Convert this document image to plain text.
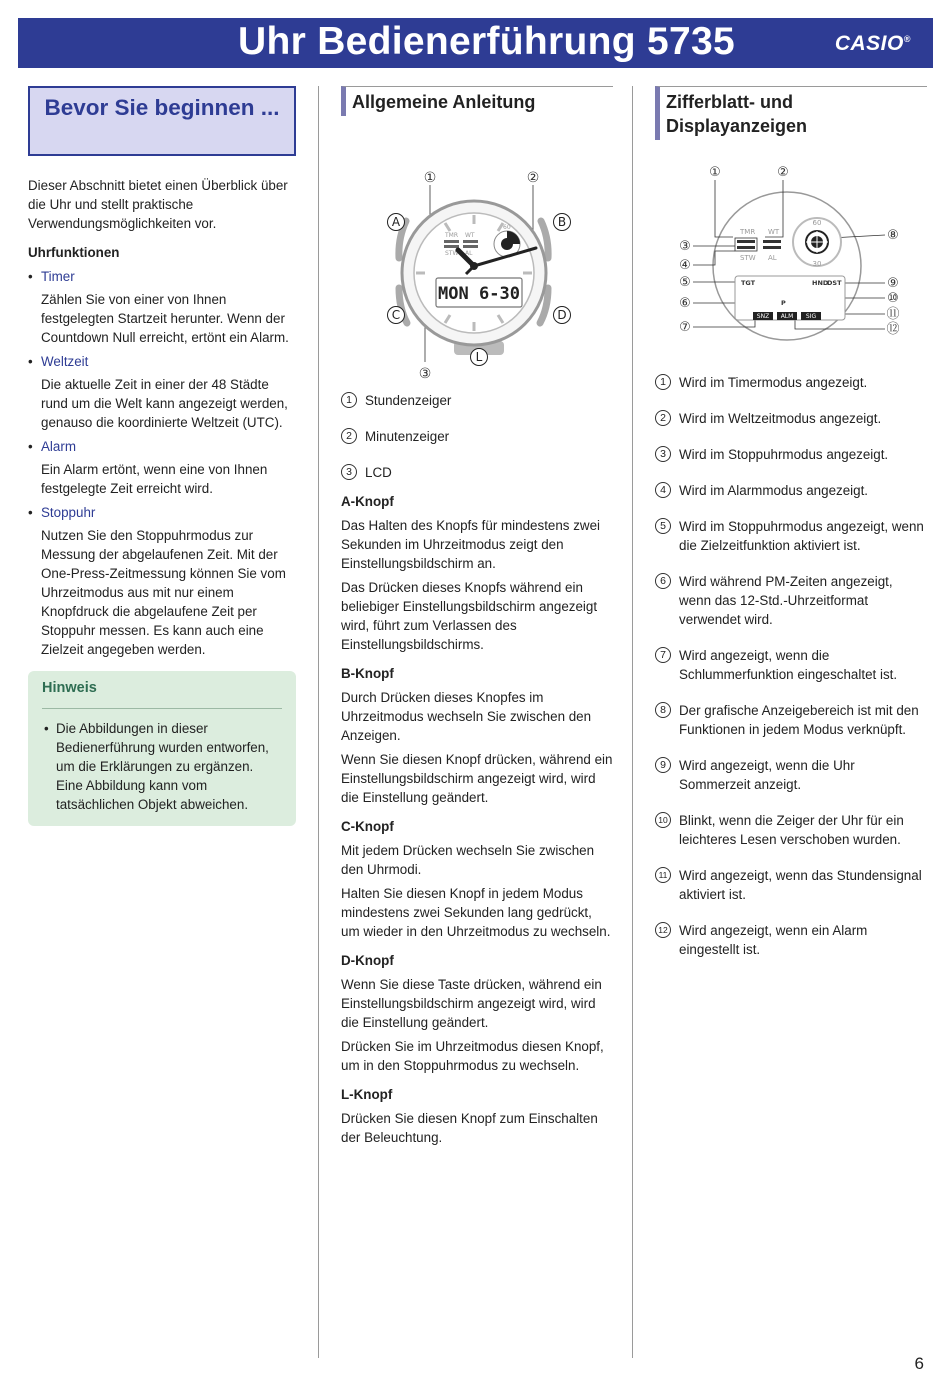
Uhr Bedienerführung 5735	CASIO®
Bevor Sie beginnen ...
Dieser Abschnitt bietet einen Überblick über die Uhr und stellt praktische Verwendungsmöglichkeiten vor.
Uhrfunktionen
• Timer
Zählen Sie von einer von Ihnen festgelegten Startzeit herunter. Wenn der Countdown Null erreicht, ertönt ein Alarm.
• Weltzeit
Die aktuelle Zeit in einer der 48 Städte rund um die Welt kann angezeigt werden, genauso die koordinierte Weltzeit (UTC).
• Alarm
Ein Alarm ertönt, wenn eine von Ihnen festgelegte Zeit erreicht wird.
• Stoppuhr
Nutzen Sie den Stoppuhrmodus zur Messung der abgelaufenen Zeit. Mit der One-Press-Zeitmessung können Sie vom Uhrzeitmodus aus mit nur einem Knopfdruck die abgelaufene Zeit per Stoppuhr messen. Es kann auch eine Zielzeit angegeben werden.
Hinweis
• Die Abbildungen in dieser Bedienerführung wurden entworfen, um die Erklärungen zu ergänzen. Eine Abbildung kann vom tatsächlichen Objekt abweichen.
Allgemeine Anleitung
①	②
③
TMR WT
STW AL
60
MON 6-30
A	B
C	D
L
1 Stundenzeiger
2 Minutenzeiger
3 LCD
A-Knopf
Das Halten des Knopfs für mindestens zwei Sekunden im Uhrzeitmodus zeigt den Einstellungsbildschirm an.
Das Drücken dieses Knopfs während ein beliebiger Einstellungsbildschirm angezeigt wird, führt zum Verlassen des Einstellungsbildschirms.
B-Knopf
Durch Drücken dieses Knopfes im Uhrzeitmodus wechseln Sie zwischen den Anzeigen.
Wenn Sie diesen Knopf drücken, während ein Einstellungsbildschirm angezeigt wird, wird die Einstellung geändert.
C-Knopf
Mit jedem Drücken wechseln Sie zwischen den Uhrmodi.
Halten Sie diesen Knopf in jedem Modus mindestens zwei Sekunden lang gedrückt, um wieder in den Uhrzeitmodus zu wechseln.
D-Knopf
Wenn Sie diese Taste drücken, während ein Einstellungsbildschirm angezeigt wird, wird die Einstellung geändert.
Drücken Sie im Uhrzeitmodus diesen Knopf, um in den Stoppuhrmodus zu wechseln.
L-Knopf
Drücken Sie diesen Knopf zum Einschalten der Beleuchtung.
Zifferblatt- und Displayanzeigen
①	②
③
④
⑤
⑥
⑦
⑧
⑨
⑩
⑪
⑫
TMR WT
STW AL
60
30
TGT	HND
DST
P
SNZ ALM SIG
1 Wird im Timermodus angezeigt.
2 Wird im Weltzeitmodus angezeigt.
3 Wird im Stoppuhrmodus angezeigt.
4 Wird im Alarmmodus angezeigt.
5 Wird im Stoppuhrmodus angezeigt, wenn die Zielzeitfunktion aktiviert ist.
6 Wird während PM-Zeiten angezeigt, wenn das 12-Std.-Uhrzeitformat verwendet wird.
7 Wird angezeigt, wenn die Schlummerfunktion eingeschaltet ist.
8 Der grafische Anzeigebereich ist mit den Funktionen in jedem Modus verknüpft.
9 Wird angezeigt, wenn die Uhr Sommerzeit anzeigt.
10 Blinkt, wenn die Zeiger der Uhr für ein leichteres Lesen verschoben wurden.
11 Wird angezeigt, wenn das Stundensignal aktiviert ist.
12 Wird angezeigt, wenn ein Alarm eingestellt ist.
6
